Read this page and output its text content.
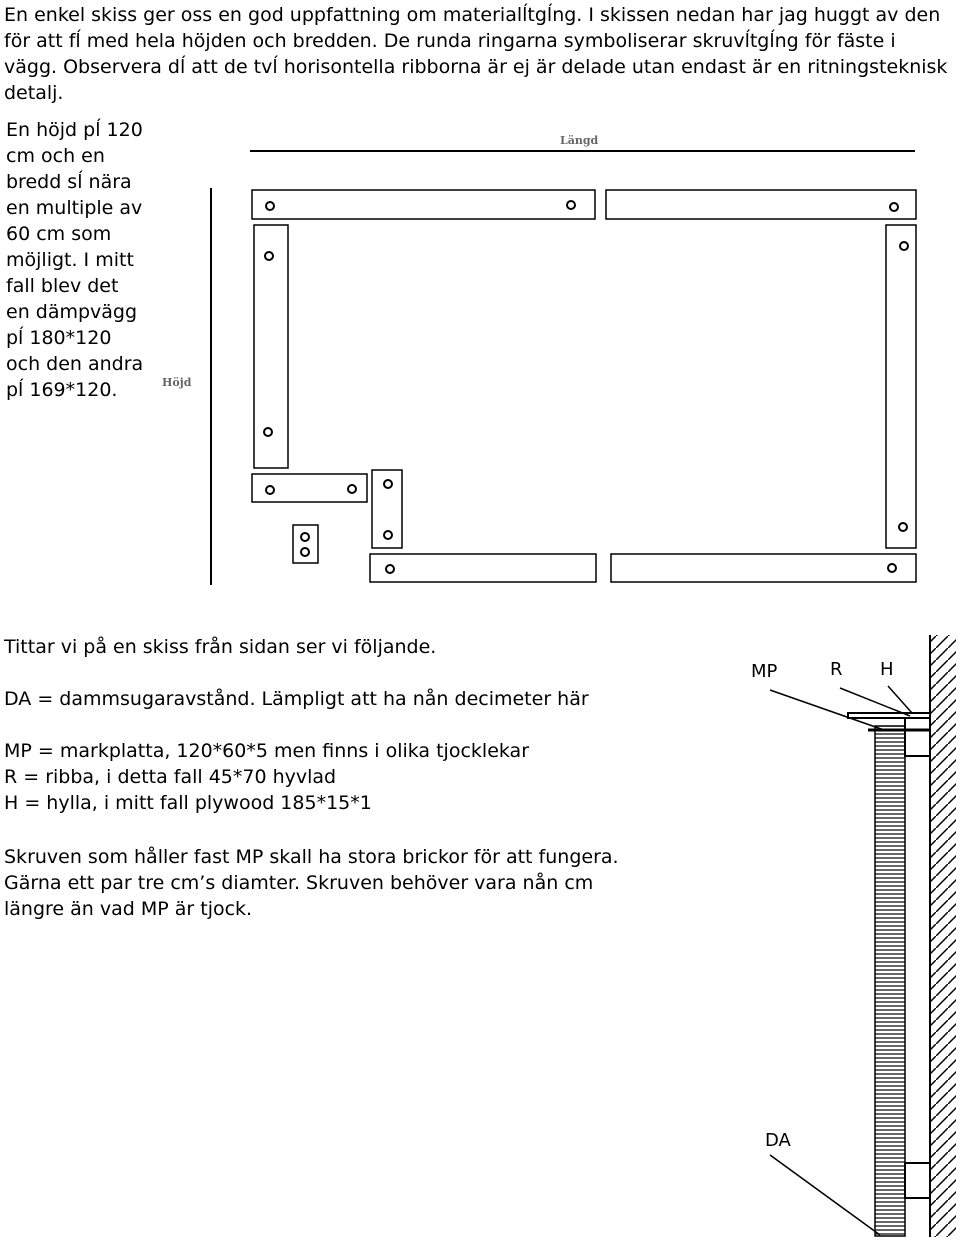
En enkel skiss ger oss en god uppfattning om materialĺtgĺng. I skissen nedan har jag huggt av den för att fĺ med hela höjden och bredden. De runda ringarna symboliserar skruvĺtgĺng för fäste i vägg. Observera dĺ att de tvĺ horisontella ribborna är ej är delade utan endast är en ritningsteknisk detalj.

En höjd pĺ 120 cm och en bredd sĺ nära en multiple av 60 cm som möjligt. I mitt fall blev det en dämpvägg pĺ 180*120 och den andra pĺ 169*120.

Längd
Höjd

Tittar vi på en skiss från sidan ser vi följande.

DA = dammsugaravstånd. Lämpligt att ha nån decimeter här

MP = markplatta, 120*60*5 men finns i olika tjocklekar

R = ribba, i detta fall 45*70 hyvlad

H = hylla, i mitt fall plywood 185*15*1

Skruven som håller fast MP skall ha stora brickor för att fungera. Gärna ett par tre cm’s diamter. Skruven behöver vara nån cm längre än vad MP är tjock.

MP	R H
DA
